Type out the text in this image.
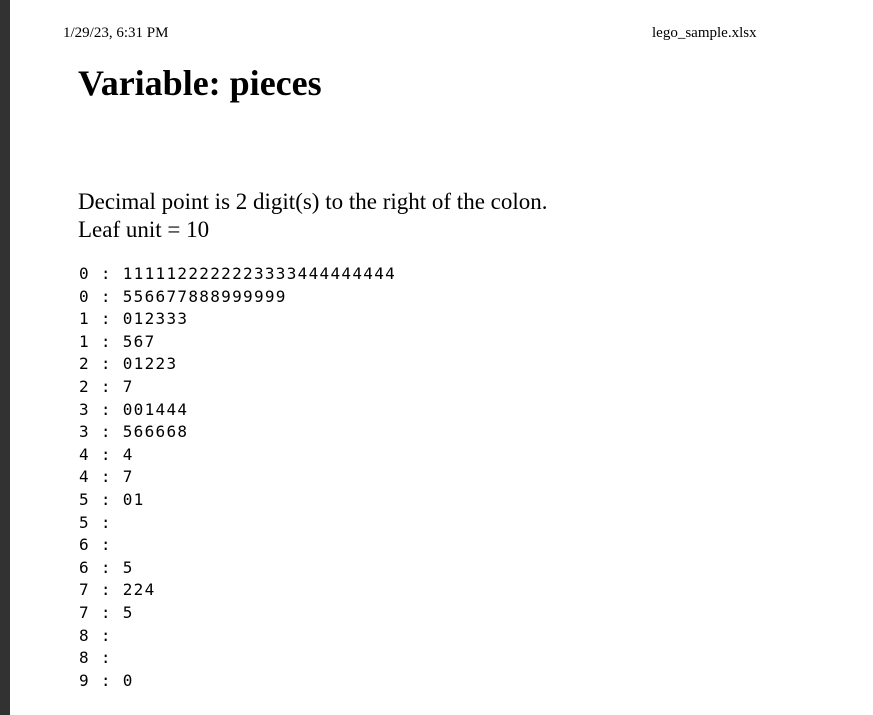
1/29/23, 6:31 PM	lego_sample.xlsx
Variable: pieces
Decimal point is 2 digit(s) to the right of the colon.
Leaf unit = 10
0 : 1111122222223333444444444
0 : 556677888999999
1 : 012333
1 : 567
2 : 01223
2 : 7
3 : 001444
3 : 566668
4 : 4
4 : 7
5 : 01
5 :
6 :
6 : 5
7 : 224
7 : 5
8 :
8 :
9 : 0
